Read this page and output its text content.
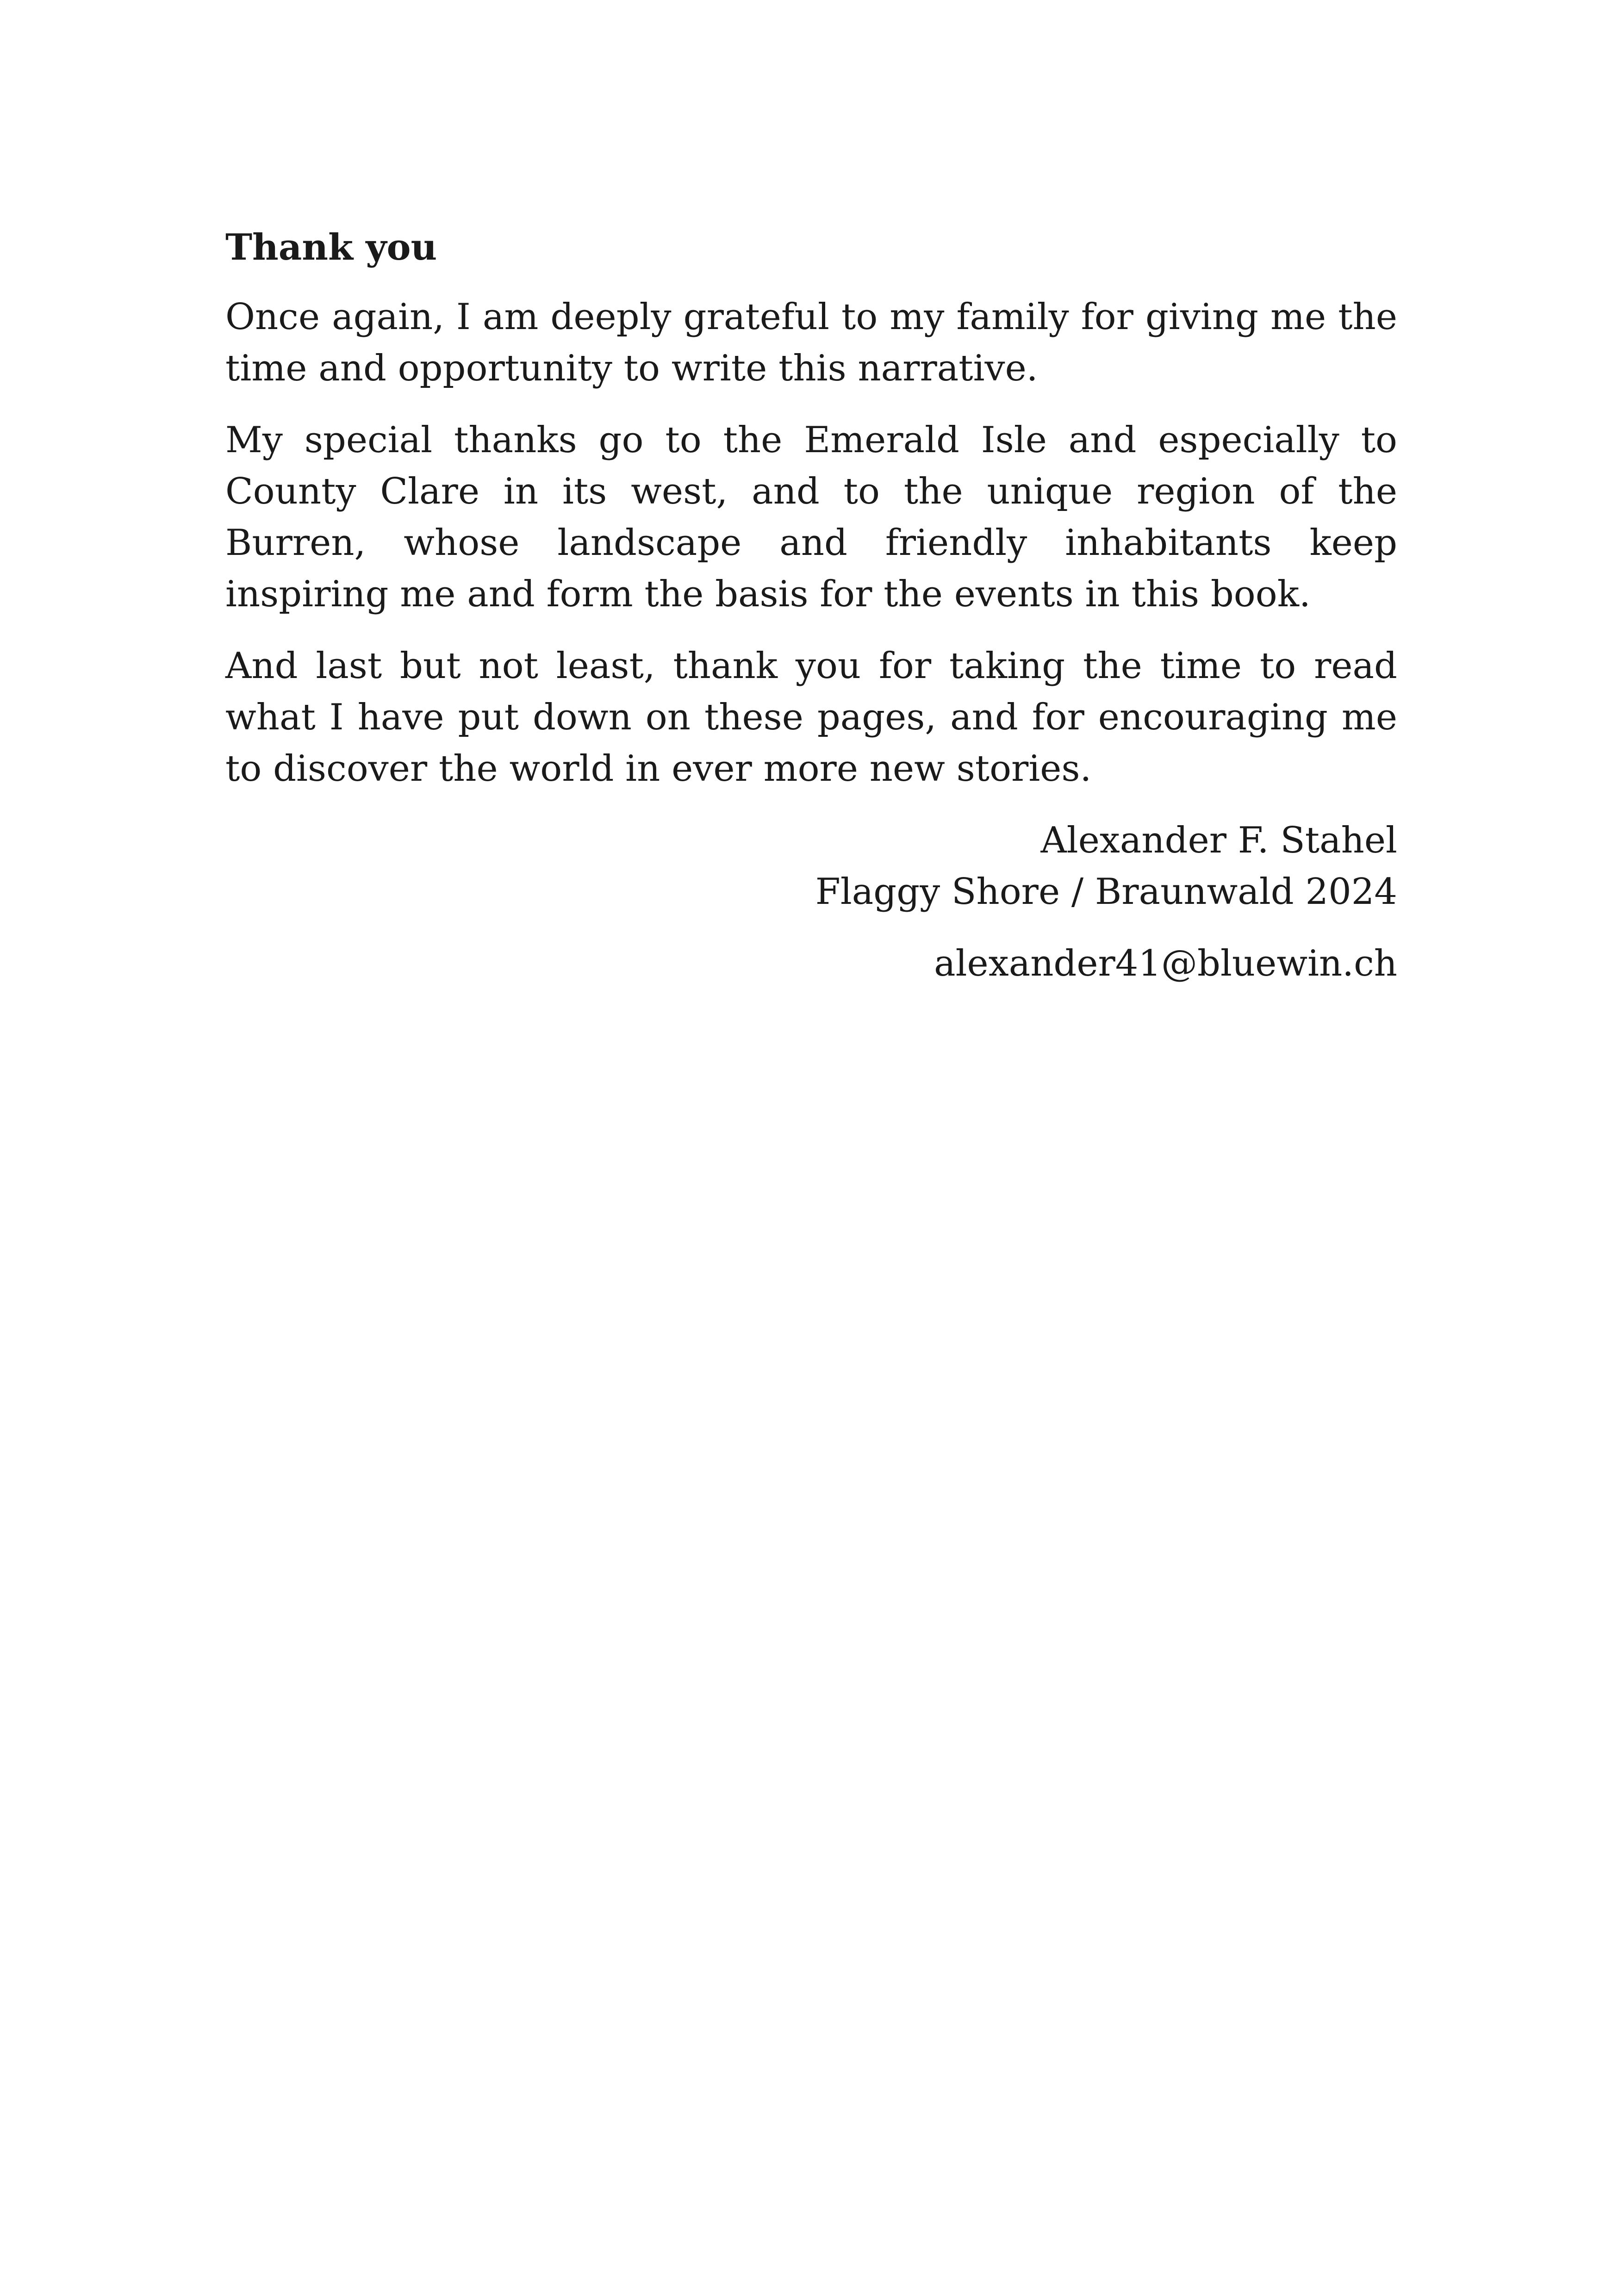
Thank you

Once again, I am deeply grateful to my family for giving me the time and opportunity to write this narrative.

My special thanks go to the Emerald Isle and especially to County Clare in its west, and to the unique region of the Burren, whose landscape and friendly inhabitants keep inspiring me and form the basis for the events in this book.

And last but not least, thank you for taking the time to read what I have put down on these pages, and for encouraging me to discover the world in ever more new stories.

Alexander F. Stahel
Flaggy Shore / Braunwald 2024
alexander41@bluewin.ch
